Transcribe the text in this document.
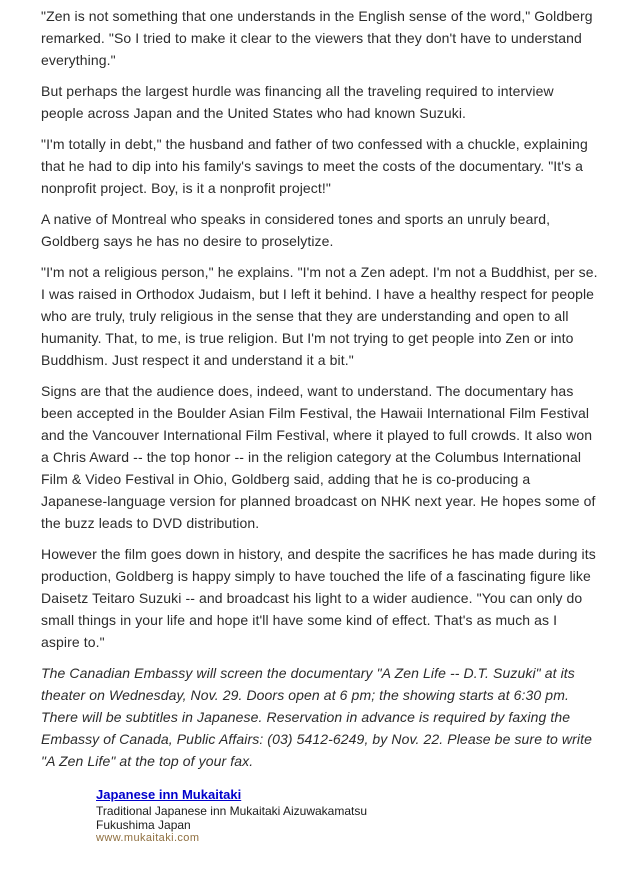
"Zen is not something that one understands in the English sense of the word," Goldberg remarked. "So I tried to make it clear to the viewers that they don't have to understand everything."

But perhaps the largest hurdle was financing all the traveling required to interview people across Japan and the United States who had known Suzuki.

"I'm totally in debt," the husband and father of two confessed with a chuckle, explaining that he had to dip into his family's savings to meet the costs of the documentary. "It's a nonprofit project. Boy, is it a nonprofit project!"

A native of Montreal who speaks in considered tones and sports an unruly beard, Goldberg says he has no desire to proselytize.

"I'm not a religious person," he explains. "I'm not a Zen adept. I'm not a Buddhist, per se. I was raised in Orthodox Judaism, but I left it behind. I have a healthy respect for people who are truly, truly religious in the sense that they are understanding and open to all humanity. That, to me, is true religion. But I'm not trying to get people into Zen or into Buddhism. Just respect it and understand it a bit."

Signs are that the audience does, indeed, want to understand. The documentary has been accepted in the Boulder Asian Film Festival, the Hawaii International Film Festival and the Vancouver International Film Festival, where it played to full crowds. It also won a Chris Award -- the top honor -- in the religion category at the Columbus International Film & Video Festival in Ohio, Goldberg said, adding that he is co-producing a Japanese-language version for planned broadcast on NHK next year. He hopes some of the buzz leads to DVD distribution.

However the film goes down in history, and despite the sacrifices he has made during its production, Goldberg is happy simply to have touched the life of a fascinating figure like Daisetz Teitaro Suzuki -- and broadcast his light to a wider audience. "You can only do small things in your life and hope it'll have some kind of effect. That's as much as I aspire to."

The Canadian Embassy will screen the documentary "A Zen Life -- D.T. Suzuki" at its theater on Wednesday, Nov. 29. Doors open at 6 pm; the showing starts at 6:30 pm. There will be subtitles in Japanese. Reservation in advance is required by faxing the Embassy of Canada, Public Affairs: (03) 5412-6249, by Nov. 22. Please be sure to write "A Zen Life" at the top of your fax.

Japanese inn Mukaitaki
Traditional Japanese inn Mukaitaki Aizuwakamatsu
Fukushima Japan
www.mukaitaki.com
